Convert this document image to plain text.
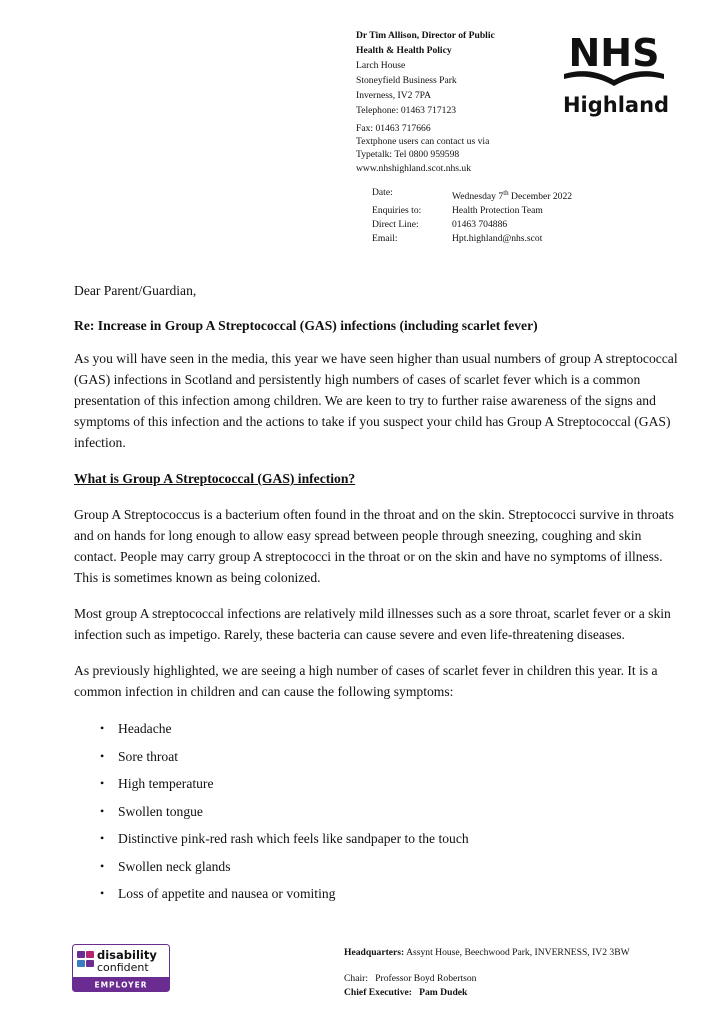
Dr Tim Allison, Director of Public
Health & Health Policy
Larch House
Stoneyfield Business Park
Inverness, IV2 7PA
Telephone: 01463 717123
Fax: 01463 717666
Textphone users can contact us via
Typetalk: Tel 0800 959598
www.nhshighland.scot.nhs.uk
NHS
Highland
Date:	Wednesday 7th December 2022
Enquiries to:	Health Protection Team
Direct Line:	01463 704886
Email:	Hpt.highland@nhs.scot

Dear Parent/Guardian,

Re: Increase in Group A Streptococcal (GAS) infections (including scarlet fever)

As you will have seen in the media, this year we have seen higher than usual numbers of group A streptococcal (GAS) infections in Scotland and persistently high numbers of cases of scarlet fever which is a common presentation of this infection among children. We are keen to try to further raise awareness of the signs and symptoms of this infection and the actions to take if you suspect your child has Group A Streptococcal (GAS) infection.

What is Group A Streptococcal (GAS) infection?

Group A Streptococcus is a bacterium often found in the throat and on the skin. Streptococci survive in throats and on hands for long enough to allow easy spread between people through sneezing, coughing and skin contact. People may carry group A streptococci in the throat or on the skin and have no symptoms of illness. This is sometimes known as being colonized.

Most group A streptococcal infections are relatively mild illnesses such as a sore throat, scarlet fever or a skin infection such as impetigo. Rarely, these bacteria can cause severe and even life-threatening diseases.

As previously highlighted, we are seeing a high number of cases of scarlet fever in children this year. It is a common infection in children and can cause the following symptoms:

•	Headache
•	Sore throat
•	High temperature
•	Swollen tongue
•	Distinctive pink-red rash which feels like sandpaper to the touch
•	Swollen neck glands
•	Loss of appetite and nausea or vomiting
disability
confident
EMPLOYER
Headquarters: Assynt House, Beechwood Park, INVERNESS, IV2 3BW
Chair:   Professor Boyd Robertson
Chief Executive:   Pam Dudek
